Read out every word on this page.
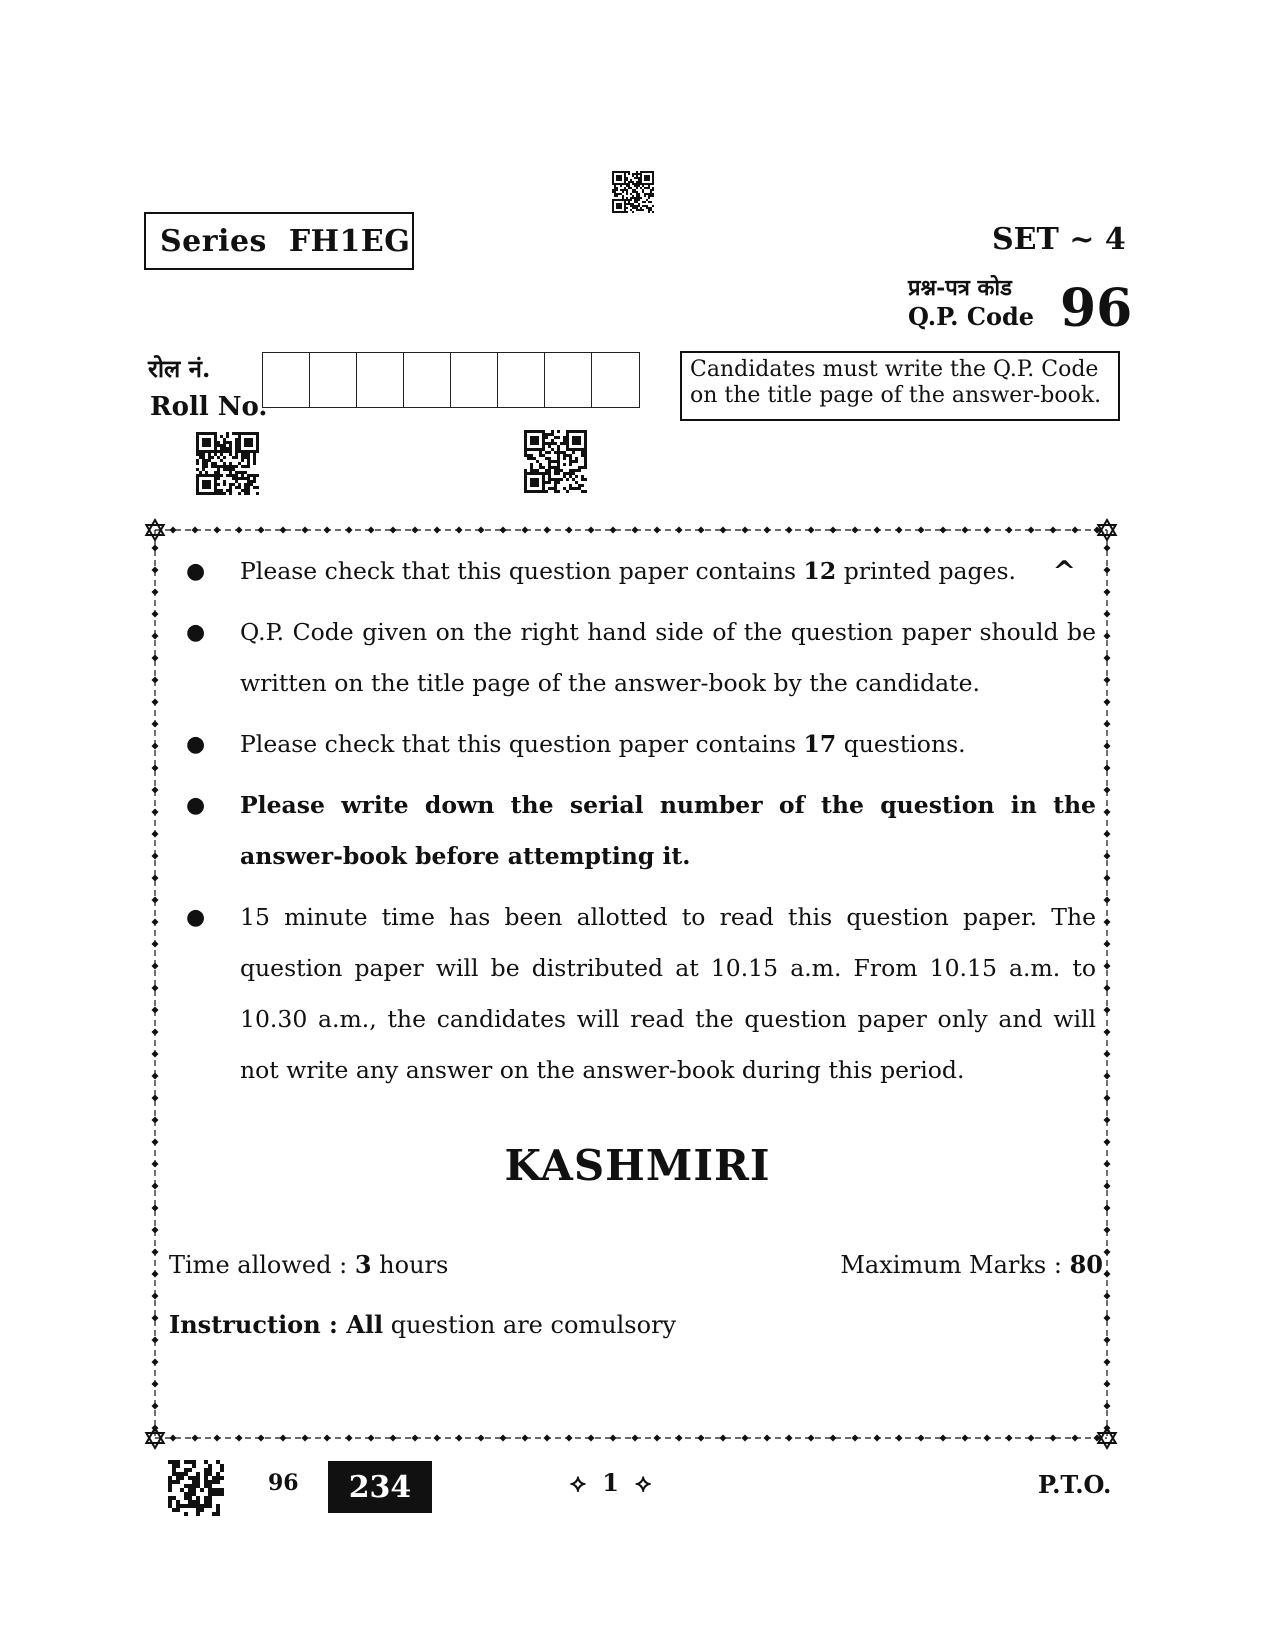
Series  FH1EG	SET ~ 4
प्रश्न-पत्र कोड
Q.P. Code 96
रोल नं.
Roll No.
Candidates must write the Q.P. Code on the title page of the answer-book.
● Please check that this question paper contains 12 printed pages. ^
● Q.P. Code given on the right hand side of the question paper should be written on the title page of the answer-book by the candidate.
● Please check that this question paper contains 17 questions.
● Please write down the serial number of the question in the answer-book before attempting it.
● 15 minute time has been allotted to read this question paper. The question paper will be distributed at 10.15 a.m. From 10.15 a.m. to 10.30 a.m., the candidates will read the question paper only and will not write any answer on the answer-book during this period.
KASHMIRI
Time allowed : 3 hours	Maximum Marks : 80
Instruction : All question are comulsory
96 234	⟡ 1 ⟡	P.T.O.
